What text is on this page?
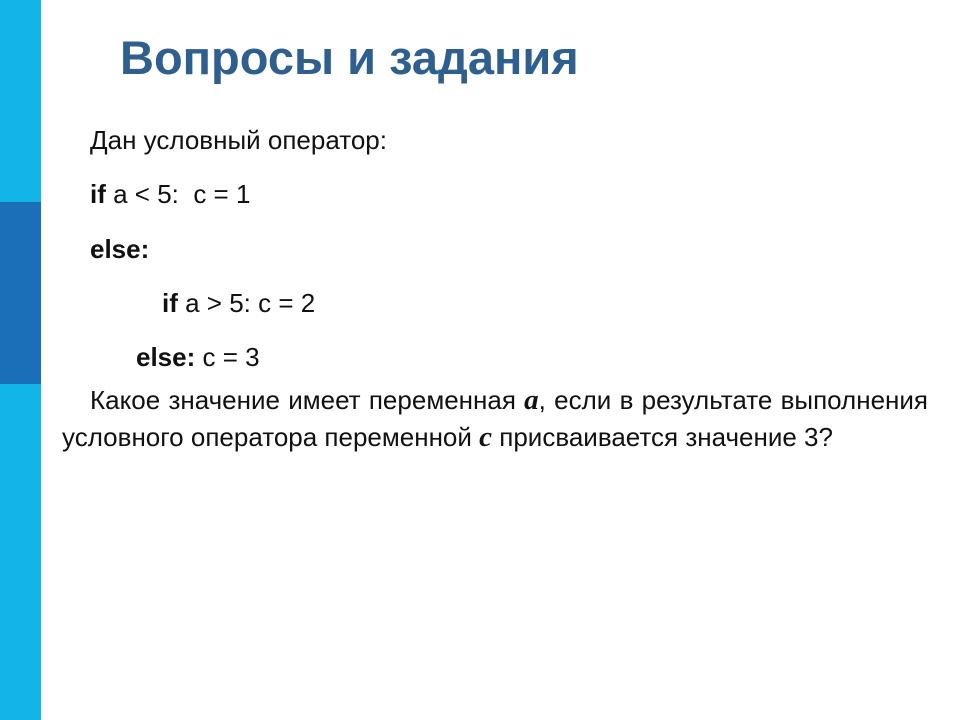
Вопросы и задания
Дан условный оператор:
if a < 5:  c = 1
else:
if a > 5: c = 2
else: c = 3
Какое значение имеет переменная a, если в результате выполнения условного оператора переменной c присваивается значение 3?
